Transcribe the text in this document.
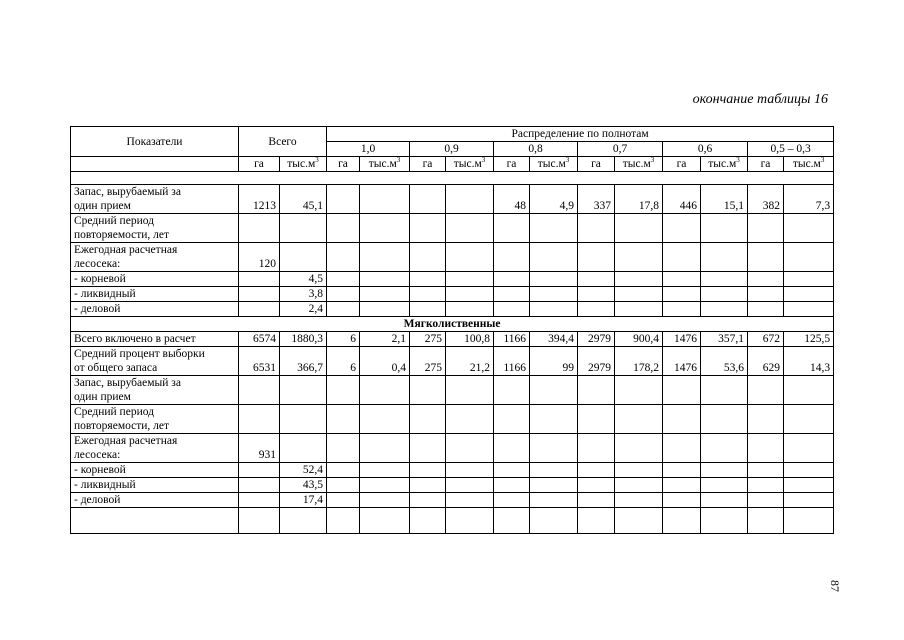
окончание таблицы 16
Показатели	Всего		Распределение по полнотам											
			1,0		0,9		0,8		0,7		0,6		0,5 – 0,3	
	га	$тыс.м^3$	га	$тыс.м^3$	га	$тыс.м^3$	га	$тыс.м^3$	га	$тыс.м^3$	га	$тыс.м^3$	га	$тыс.м^3$

Запас, вырубаемый за
один прием	1213	45,1					48	4,9	337	17,8	446	15,1	382	7,3

Средний период
повторяемости, лет														

Ежегодная расчетная
лесосека:	120													

- корневой		4,5												

- ликвидный		3,8												

- деловой		2,4												
Мягколиственные														

Всего включено в расчет	6574	1880,3	6	2,1	275	100,8	1166	394,4	2979	900,4	1476	357,1	672	125,5

Средний процент выборки
от общего запаса	6531	366,7	6	0,4	275	21,2	1166	99	2979	178,2	1476	53,6	629	14,3

Запас, вырубаемый за
один прием														

Средний период
повторяемости, лет														

Ежегодная расчетная
лесосека:	931													

- корневой		52,4												

- ликвидный		43,5												

- деловой		17,4												

87
